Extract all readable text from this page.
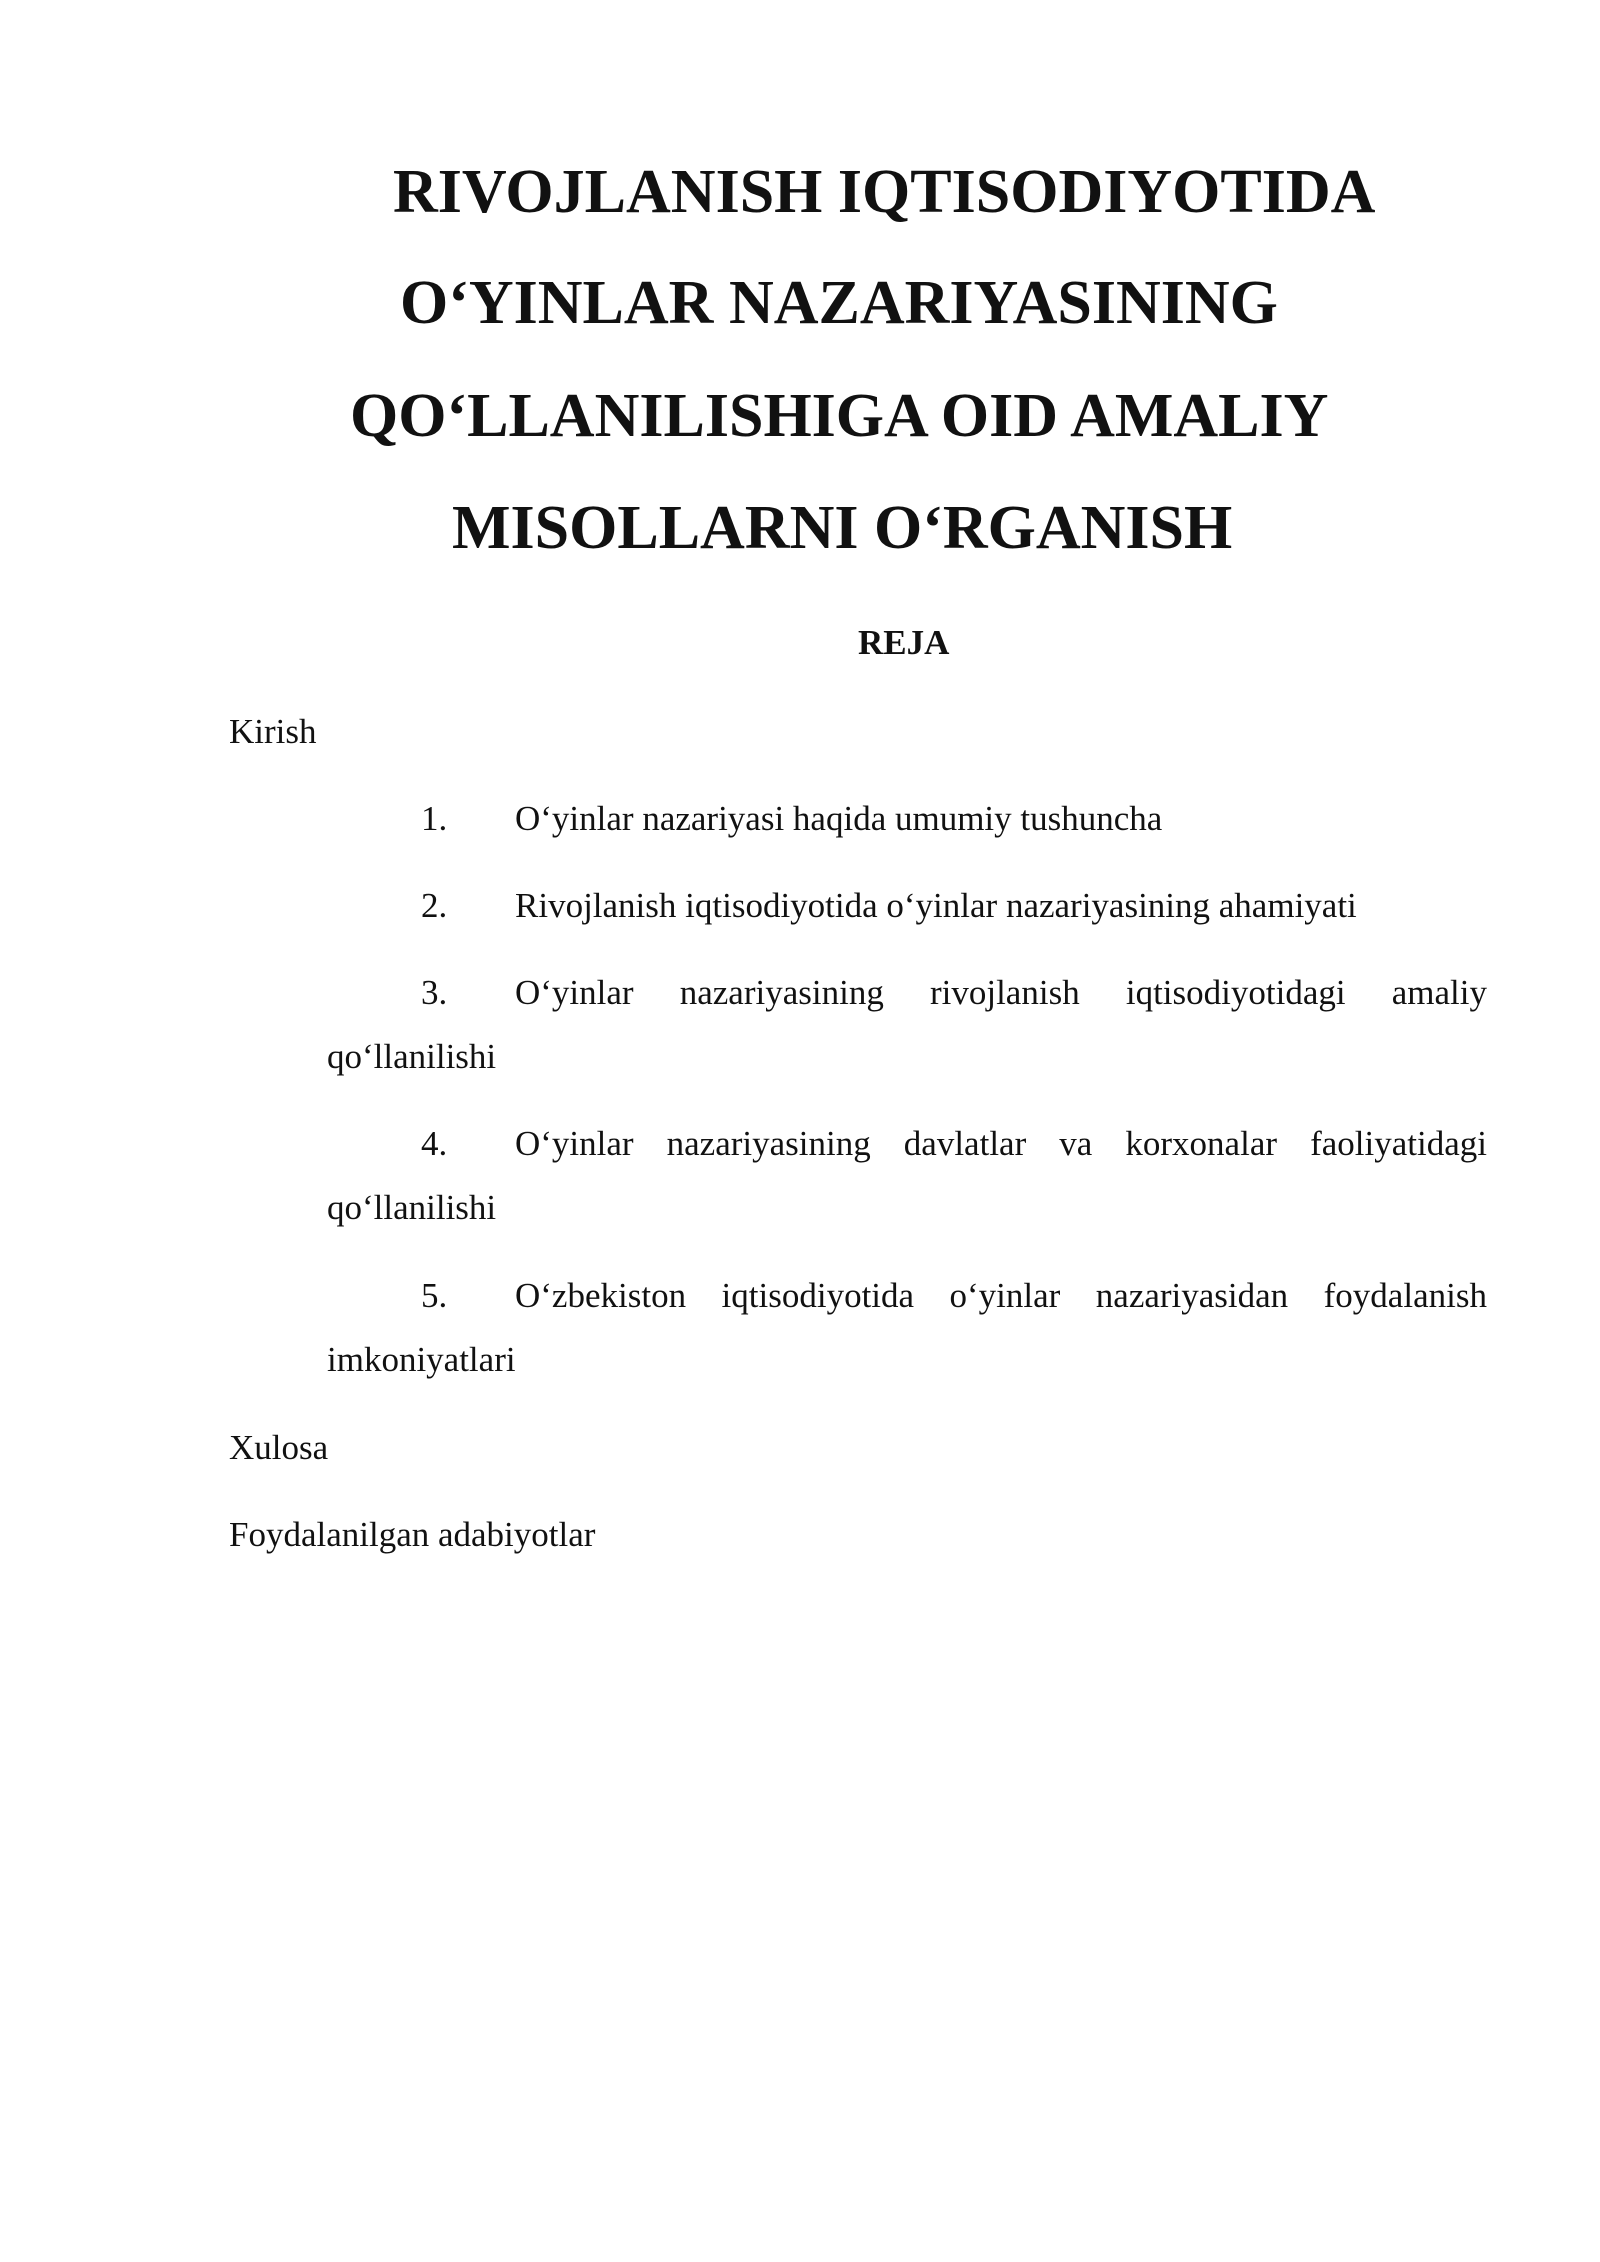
RIVOJLANISH IQTISODIYOTIDA
O‘YINLAR NAZARIYASINING
QO‘LLANILISHIGA OID AMALIY
MISOLLARNI O‘RGANISH
REJA
Kirish
1. O‘yinlar nazariyasi haqida umumiy tushuncha
2. Rivojlanish iqtisodiyotida o‘yinlar nazariyasining ahamiyati
3. O‘yinlar nazariyasining rivojlanish iqtisodiyotidagi amaliy
qo‘llanilishi
4. O‘yinlar nazariyasining davlatlar va korxonalar faoliyatidagi
qo‘llanilishi
5. O‘zbekiston iqtisodiyotida o‘yinlar nazariyasidan foydalanish
imkoniyatlari
Xulosa
Foydalanilgan adabiyotlar
